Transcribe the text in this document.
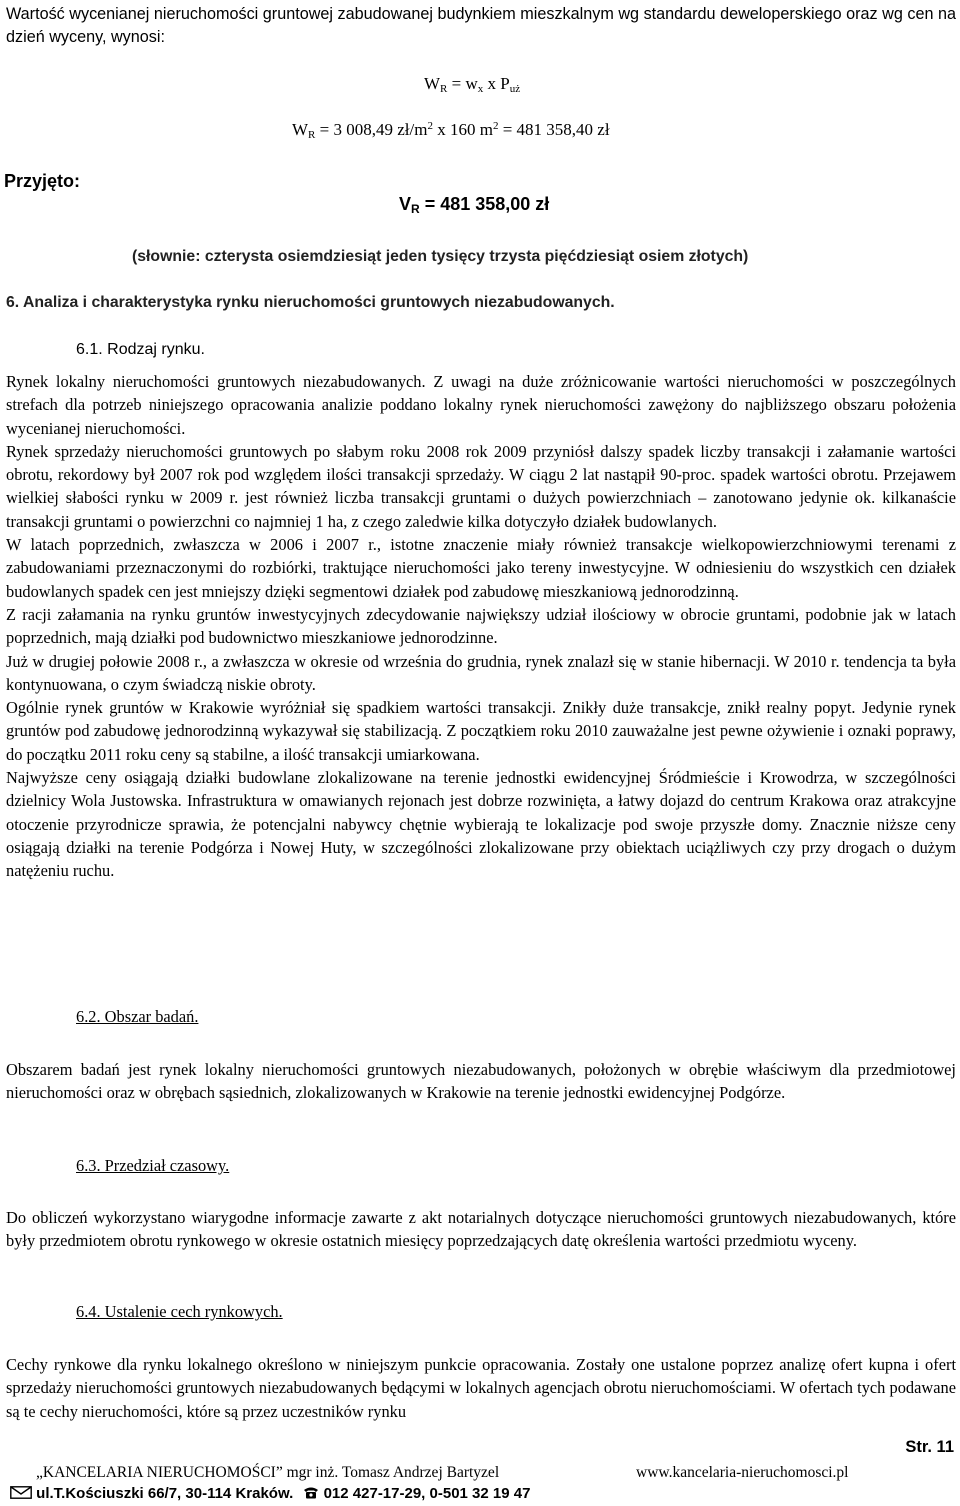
Wartość wycenianej nieruchomości gruntowej zabudowanej budynkiem mieszkalnym wg standardu deweloperskiego oraz wg cen na dzień wyceny, wynosi:

$W_R = w_x$ x $P_{uż}$
$W_R = 3$ 008,49 $zł/m^2$ x 160 $m^2 = 481$ 358,40 zł
Przyjęto:
$V_R = 481$ 358,00 zł
(słownie: czterysta osiemdziesiąt jeden tysięcy trzysta pięćdziesiąt osiem złotych)
6. Analiza i charakterystyka rynku nieruchomości gruntowych niezabudowanych.
6.1. Rodzaj rynku.

Rynek lokalny nieruchomości gruntowych niezabudowanych. Z uwagi na duże zróżnicowanie wartości nieruchomości w poszczególnych strefach dla potrzeb niniejszego opracowania analizie poddano lokalny rynek nieruchomości zawężony do najbliższego obszaru położenia wycenianej nieruchomości.

Rynek sprzedaży nieruchomości gruntowych po słabym roku 2008 rok 2009 przyniósł dalszy spadek liczby transakcji i załamanie wartości obrotu, rekordowy był 2007 rok pod względem ilości transakcji sprzedaży. W ciągu 2 lat nastąpił 90-proc. spadek wartości obrotu. Przejawem wielkiej słabości rynku w 2009 r. jest również liczba transakcji gruntami o dużych powierzchniach – zanotowano jedynie ok. kilkanaście transakcji gruntami o powierzchni co najmniej 1 ha, z czego zaledwie kilka dotyczyło działek budowlanych.

W latach poprzednich, zwłaszcza w 2006 i 2007 r., istotne znaczenie miały również transakcje wielkopowierzchniowymi terenami z zabudowaniami przeznaczonymi do rozbiórki, traktujące nieruchomości jako tereny inwestycyjne. W odniesieniu do wszystkich cen działek budowlanych spadek cen jest mniejszy dzięki segmentowi działek pod zabudowę mieszkaniową jednorodzinną.

Z racji załamania na rynku gruntów inwestycyjnych zdecydowanie największy udział ilościowy w obrocie gruntami, podobnie jak w latach poprzednich, mają działki pod budownictwo mieszkaniowe jednorodzinne.

Już w drugiej połowie 2008 r., a zwłaszcza w okresie od września do grudnia, rynek znalazł się w stanie hibernacji. W 2010 r. tendencja ta była kontynuowana, o czym świadczą niskie obroty.

Ogólnie rynek gruntów w Krakowie wyróżniał się spadkiem wartości transakcji. Znikły duże transakcje, znikł realny popyt. Jedynie rynek gruntów pod zabudowę jednorodzinną wykazywał się stabilizacją. Z początkiem roku 2010 zauważalne jest pewne ożywienie i oznaki poprawy, do początku 2011 roku ceny są stabilne, a ilość transakcji umiarkowana.

Najwyższe ceny osiągają działki budowlane zlokalizowane na terenie jednostki ewidencyjnej Śródmieście i Krowodrza, w szczególności dzielnicy Wola Justowska. Infrastruktura w omawianych rejonach jest dobrze rozwinięta, a łatwy dojazd do centrum Krakowa oraz atrakcyjne otoczenie przyrodnicze sprawia, że potencjalni nabywcy chętnie wybierają te lokalizacje pod swoje przyszłe domy. Znacznie niższe ceny osiągają działki na terenie Podgórza i Nowej Huty, w szczególności zlokalizowane przy obiektach uciążliwych czy przy drogach o dużym natężeniu ruchu.

6.2. Obszar badań.

Obszarem badań jest rynek lokalny nieruchomości gruntowych niezabudowanych, położonych w obrębie właściwym dla przedmiotowej nieruchomości oraz w obrębach sąsiednich, zlokalizowanych w Krakowie na terenie jednostki ewidencyjnej Podgórze.

6.3. Przedział czasowy.

Do obliczeń wykorzystano wiarygodne informacje zawarte z akt notarialnych dotyczące nieruchomości gruntowych niezabudowanych, które były przedmiotem obrotu rynkowego w okresie ostatnich miesięcy poprzedzających datę określenia wartości przedmiotu wyceny.

6.4. Ustalenie cech rynkowych.

Cechy rynkowe dla rynku lokalnego określono w niniejszym punkcie opracowania. Zostały one ustalone poprzez analizę ofert kupna i ofert sprzedaży nieruchomości gruntowych niezabudowanych będącymi w lokalnych agencjach obrotu nieruchomościami. W ofertach tych podawane są te cechy nieruchomości, które są przez uczestników rynku

Str. 11
„KANCELARIA NIERUCHOMOŚCI” mgr inż. Tomasz Andrzej Bartyzel	www.kancelaria-nieruchomosci.pl
ul.T.Kościuszki 66/7, 30-114 Kraków. 012 427-17-29, 0-501 32 19 47
